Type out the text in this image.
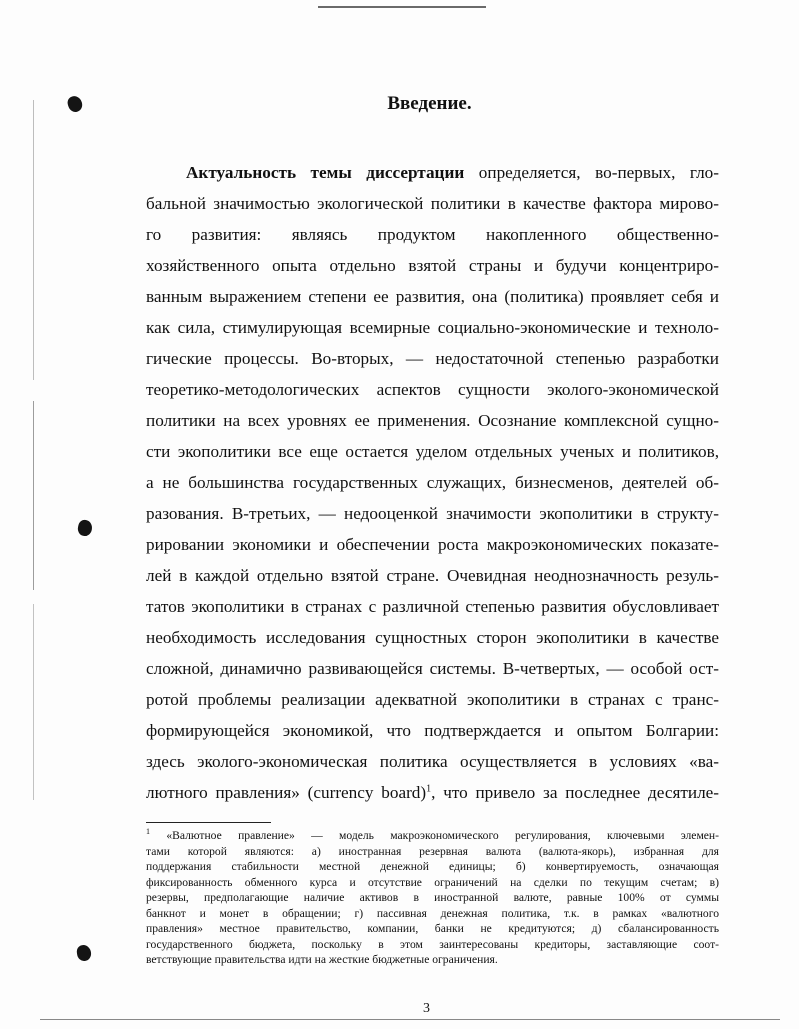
Введение.
Актуальность темы диссертации определяется, во-первых, гло-
бальной значимостью экологической политики в качестве фактора мирово-
го развития: являясь продуктом накопленного общественно-
хозяйственного опыта отдельно взятой страны и будучи концентриро-
ванным выражением степени ее развития, она (политика) проявляет себя и
как сила, стимулирующая всемирные социально-экономические и техноло-
гические процессы. Во-вторых, — недостаточной степенью разработки
теоретико-методологических аспектов сущности эколого-экономической
политики на всех уровнях ее применения. Осознание комплексной сущно-
сти экополитики все еще остается уделом отдельных ученых и политиков,
а не большинства государственных служащих, бизнесменов, деятелей об-
разования. В-третьих, — недооценкой значимости экополитики в структу-
рировании экономики и обеспечении роста макроэкономических показате-
лей в каждой отдельно взятой стране. Очевидная неоднозначность резуль-
татов экополитики в странах с различной степенью развития обусловливает
необходимость исследования сущностных сторон экополитики в качестве
сложной, динамично развивающейся системы. В-четвертых, — особой ост-
ротой проблемы реализации адекватной экополитики в странах с транс-
формирующейся экономикой, что подтверждается и опытом Болгарии:
здесь эколого-экономическая политика осуществляется в условиях «ва-
лютного правления» (currency board)$^1$, что привело за последнее десятиле-
$^1$ «Валютное правление» — модель макроэкономического регулирования, ключевыми элемен-
тами которой являются: а) иностранная резервная валюта (валюта-якорь), избранная для
поддержания стабильности местной денежной единицы; б) конвертируемость, означающая
фиксированность обменного курса и отсутствие ограничений на сделки по текущим счетам; в)
резервы, предполагающие наличие активов в иностранной валюте, равные 100% от суммы
банкнот и монет в обращении; г) пассивная денежная политика, т.к. в рамках «валютного
правления» местное правительство, компании, банки не кредитуются; д) сбалансированность
государственного бюджета, поскольку в этом заинтересованы кредиторы, заставляющие соот-
ветствующие правительства идти на жесткие бюджетные ограничения.
3
